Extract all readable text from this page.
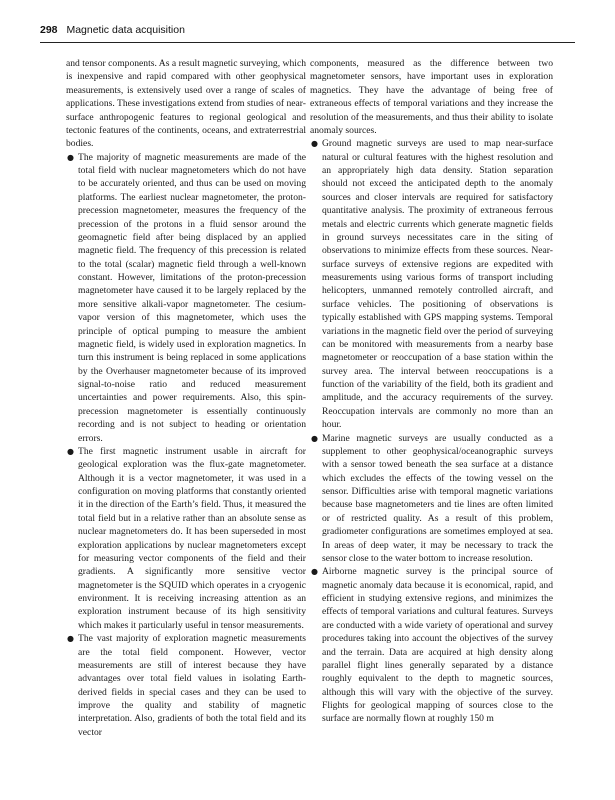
298 Magnetic data acquisition

and tensor components. As a result magnetic surveying, which is inexpensive and rapid compared with other geophysical measurements, is extensively used over a range of scales of applications. These investigations extend from studies of near-surface anthropogenic features to regional geological and tectonic features of the continents, oceans, and extraterrestrial bodies.

● The majority of magnetic measurements are made of the total field with nuclear magnetometers which do not have to be accurately oriented, and thus can be used on moving platforms. The earliest nuclear magnetometer, the proton-precession magnetometer, measures the frequency of the precession of the protons in a fluid sensor around the geomagnetic field after being displaced by an applied magnetic field. The frequency of this precession is related to the total (scalar) magnetic field through a well-known constant. However, limitations of the proton-precession magnetometer have caused it to be largely replaced by the more sensitive alkali-vapor magnetometer. The cesium-vapor version of this magnetometer, which uses the principle of optical pumping to measure the ambient magnetic field, is widely used in exploration magnetics. In turn this instrument is being replaced in some applications by the Overhauser magnetometer because of its improved signal-to-noise ratio and reduced measurement uncertainties and power requirements. Also, this spin-precession magnetometer is essentially continuously recording and is not subject to heading or orientation errors.

● The first magnetic instrument usable in aircraft for geological exploration was the flux-gate magnetometer. Although it is a vector magnetometer, it was used in a configuration on moving platforms that constantly oriented it in the direction of the Earth’s field. Thus, it measured the total field but in a relative rather than an absolute sense as nuclear magnetometers do. It has been superseded in most exploration applications by nuclear magnetometers except for measuring vector components of the field and their gradients. A significantly more sensitive vector magnetometer is the SQUID which operates in a cryogenic environment. It is receiving increasing attention as an exploration instrument because of its high sensitivity which makes it particularly useful in tensor measurements.

● The vast majority of exploration magnetic measurements are the total field component. However, vector measurements are still of interest because they have advantages over total field values in isolating Earth-derived fields in special cases and they can be used to improve the quality and stability of magnetic interpretation. Also, gradients of both the total field and its vector

components, measured as the difference between two magnetometer sensors, have important uses in exploration magnetics. They have the advantage of being free of extraneous effects of temporal variations and they increase the resolution of the measurements, and thus their ability to isolate anomaly sources.

● Ground magnetic surveys are used to map near-surface natural or cultural features with the highest resolution and an appropriately high data density. Station separation should not exceed the anticipated depth to the anomaly sources and closer intervals are required for satisfactory quantitative analysis. The proximity of extraneous ferrous metals and electric currents which generate magnetic fields in ground surveys necessitates care in the siting of observations to minimize effects from these sources. Near-surface surveys of extensive regions are expedited with measurements using various forms of transport including helicopters, unmanned remotely controlled aircraft, and surface vehicles. The positioning of observations is typically established with GPS mapping systems. Temporal variations in the magnetic field over the period of surveying can be monitored with measurements from a nearby base magnetometer or reoccupation of a base station within the survey area. The interval between reoccupations is a function of the variability of the field, both its gradient and amplitude, and the accuracy requirements of the survey. Reoccupation intervals are commonly no more than an hour.

● Marine magnetic surveys are usually conducted as a supplement to other geophysical/oceanographic surveys with a sensor towed beneath the sea surface at a distance which excludes the effects of the towing vessel on the sensor. Difficulties arise with temporal magnetic variations because base magnetometers and tie lines are often limited or of restricted quality. As a result of this problem, gradiometer configurations are sometimes employed at sea. In areas of deep water, it may be necessary to track the sensor close to the water bottom to increase resolution.

● Airborne magnetic survey is the principal source of magnetic anomaly data because it is economical, rapid, and efficient in studying extensive regions, and minimizes the effects of temporal variations and cultural features. Surveys are conducted with a wide variety of operational and survey procedures taking into account the objectives of the survey and the terrain. Data are acquired at high density along parallel flight lines generally separated by a distance roughly equivalent to the depth to magnetic sources, although this will vary with the objective of the survey. Flights for geological mapping of sources close to the surface are normally flown at roughly 150 m
